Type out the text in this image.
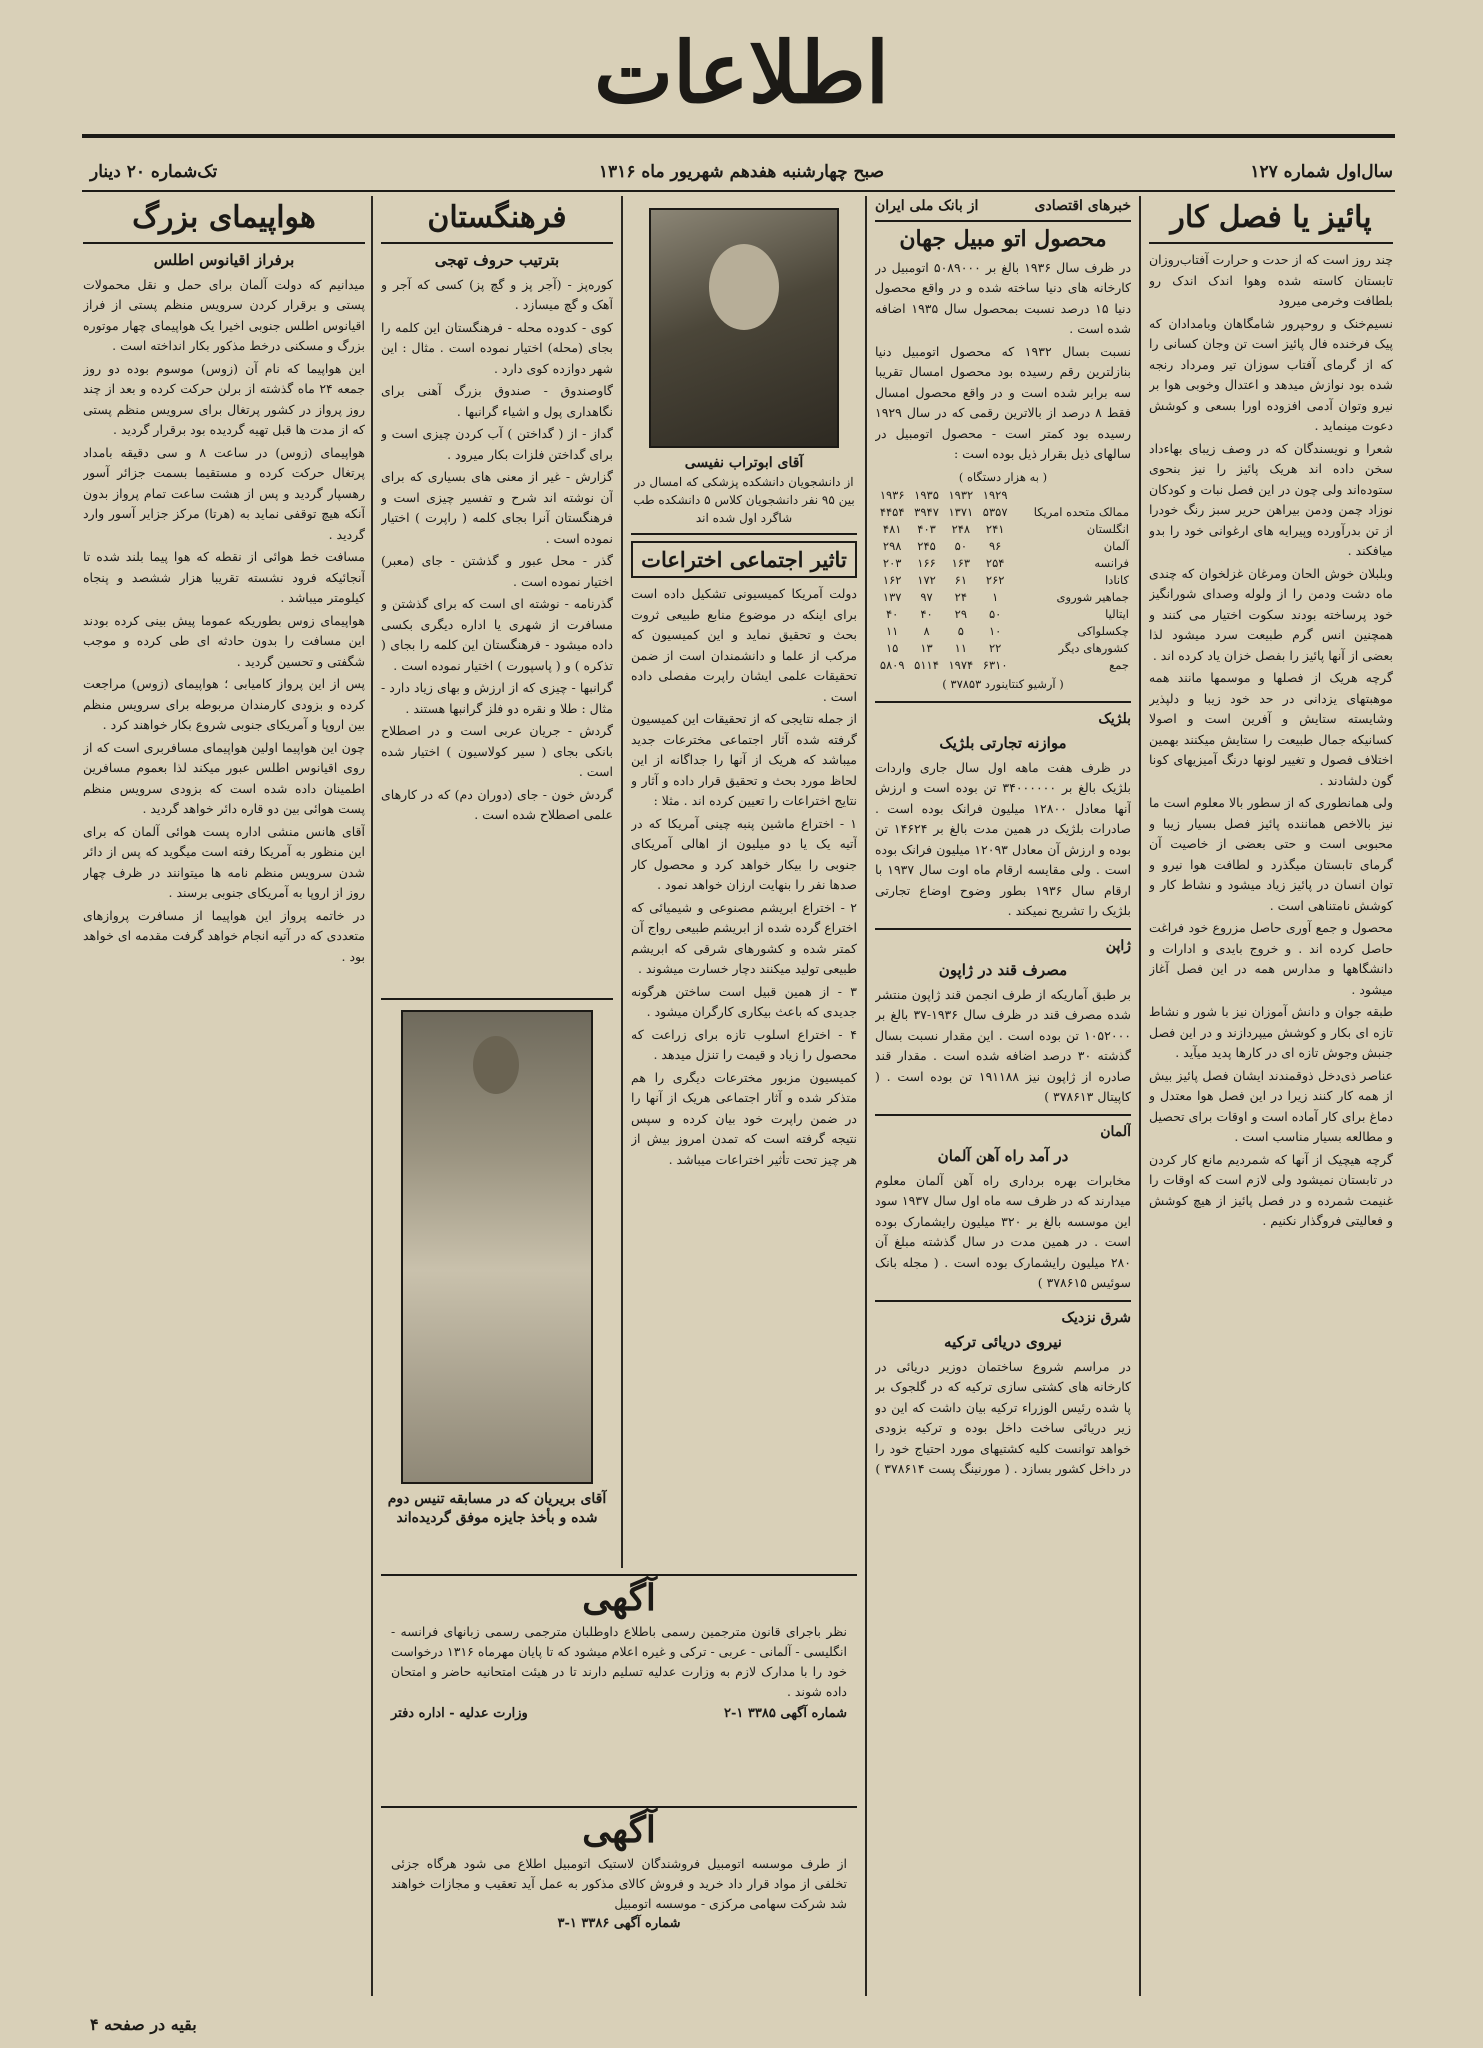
اطلاعات
سال‌اول شماره ۱۲۷
صبح چهارشنبه هفدهم شهریور ماه ۱۳۱۶
تک‌شماره ۲۰ دینار
پائیز یا فصل کار

چند روز است که از حدت و حرارت آفتاب‌روزان تابستان کاسته شده وهوا اندک اندک رو بلطافت وخرمی میرود

نسیم‌خنک و روحپرور شامگاهان وبامدادان که پیک فرخنده فال پائیز است تن وجان کسانی را که از گرمای آفتاب سوزان تیر ومرداد رنجه شده بود نوازش میدهد و اعتدال وخوبی هوا بر نیرو وتوان آدمی افزوده اورا بسعی و کوشش دعوت مینماید .

شعرا و نویسندگان که در وصف زیبای بهاءداد سخن داده اند هریک پائیز را نیز بنحوی ستوده‌اند ولی چون در این فصل نبات و کودکان نوزاد چمن ودمن بیراهن حریر سبز رنگ خودرا از تن بدرآورده وپیرایه های ارغوانی خود را بدو میافکند .

وبلبلان خوش الحان ومرغان غزلخوان که چندی ماه دشت ودمن را از ولوله وصدای شورانگیز خود پرساخته بودند سکوت اختیار می کنند و همچنین انس گرم طبیعت سرد میشود لذا بعضی از آنها پائیز را بفصل خزان یاد کرده اند .

گرچه هریک از فصلها و موسمها مانند همه موهبتهای یزدانی در حد خود زیبا و دلپذیر وشایسته ستایش و آفرین است و اصولا کسانیکه جمال طبیعت را ستایش میکنند بهمین اختلاف فصول و تغییر لونها درنگ آمیزیهای کونا گون دلشادند .

ولی همانطوری که از سطور بالا معلوم است ما نیز بالاخص هماننده پائیز فصل بسیار زیبا و محبوبی است و حتی بعضی از خاصیت آن گرمای تابستان میگذرد و لطافت هوا نیرو و توان انسان در پائیز زیاد میشود و نشاط کار و کوشش نامتناهی است .

محصول و جمع آوری حاصل مزروع خود فراغت حاصل کرده اند . و خروج بایدی و ادارات و دانشگاهها و مدارس همه در این فصل آغاز میشود .

طبقه جوان و دانش آموزان نیز با شور و نشاط تازه ای بکار و کوشش میپردازند و در این فصل جنبش وجوش تازه ای در کارها پدید میآید .

عناصر ذی‌دخل ذوقمندند ایشان فصل پائیز بیش از همه کار کنند زیرا در این فصل هوا معتدل و دماغ برای کار آماده است و اوقات برای تحصیل و مطالعه بسیار مناسب است .

گرچه هیچیک از آنها که شمردیم مانع کار کردن در تابستان نمیشود ولی لازم است که اوقات را غنیمت شمرده و در فصل پائیز از هیچ کوشش و فعالیتی فروگذار نکنیم .

خبرهای اقتصادی
از بانک ملی ایران
محصول اتو مبیل جهان

در ظرف سال ۱۹۳۶ بالغ بر ۵۰۸۹۰۰۰ اتومبیل در کارخانه های دنیا ساخته شده و در واقع محصول دنیا ۱۵ درصد نسبت بمحصول سال ۱۹۳۵ اضافه شده است .

نسبت بسال ۱۹۳۲ که محصول اتومبیل دنیا بنازلترین رقم رسیده بود محصول امسال تقریبا سه برابر شده است و در واقع محصول امسال فقط ۸ درصد از بالاترین رقمی که در سال ۱۹۲۹ رسیده بود کمتر است - محصول اتومبیل در سالهای ذیل بقرار ذیل بوده است :

( به هزار دستگاه )
	۱۹۲۹	۱۹۳۲	۱۹۳۵	۱۹۳۶
ممالک متحده امریکا	۵۳۵۷	۱۳۷۱	۳۹۴۷	۴۴۵۴
انگلستان	۲۴۱	۲۴۸	۴۰۳	۴۸۱
آلمان	۹۶	۵۰	۲۴۵	۲۹۸
فرانسه	۲۵۴	۱۶۳	۱۶۶	۲۰۳
کانادا	۲۶۲	۶۱	۱۷۲	۱۶۲
جماهیر شوروی	۱	۲۴	۹۷	۱۳۷
ایتالیا	۵۰	۲۹	۴۰	۴۰
چکسلواکی	۱۰	۵	۸	۱۱
کشورهای دیگر	۲۲	۱۱	۱۳	۱۵
جمع	۶۳۱۰	۱۹۷۴	۵۱۱۴	۵۸۰۹
( آرشیو کنتاینورد ۳۷۸۵۳ )
بلژیک
موازنه تجارتی بلژیک

در ظرف هفت ماهه اول سال جاری واردات بلژیک بالغ بر ۳۴۰۰۰۰۰۰ تن بوده است و ارزش آنها معادل ۱۲۸۰۰ میلیون فرانک بوده است . صادرات بلژیک در همین مدت بالغ بر ۱۴۶۲۴ تن بوده و ارزش آن معادل ۱۲۰۹۳ میلیون فرانک بوده است . ولی مقایسه ارقام ماه اوت سال ۱۹۳۷ با ارقام سال ۱۹۳۶ بطور وضوح اوضاع تجارتی بلژیک را تشریح نمیکند .

ژاپن
مصرف قند در ژاپون

بر طبق آماریکه از طرف انجمن قند ژاپون منتشر شده مصرف قند در ظرف سال ۱۹۳۶-۳۷ بالغ بر ۱۰۵۲۰۰۰ تن بوده است . این مقدار نسبت بسال گذشته ۳۰ درصد اضافه شده است . مقدار قند صادره از ژاپون نیز ۱۹۱۱۸۸ تن بوده است . ( کاپیتال ۳۷۸۶۱۳ )

آلمان
در آمد راه آهن آلمان

مخابرات بهره برداری راه آهن آلمان معلوم میدارند که در ظرف سه ماه اول سال ۱۹۳۷ سود این موسسه بالغ بر ۳۲۰ میلیون رایشمارک بوده است . در همین مدت در سال گذشته مبلغ آن ۲۸۰ میلیون رایشمارک بوده است . ( مجله بانک سوئیس ۳۷۸۶۱۵ )

شرق نزدیک
نیروی دریائی ترکیه

در مراسم شروع ساختمان دوزیر دریائی در کارخانه های کشتی سازی ترکیه که در گلجوک بر پا شده رئیس الوزراء ترکیه بیان داشت که این دو زیر دریائی ساخت داخل بوده و ترکیه بزودی خواهد توانست کلیه کشتیهای مورد احتیاج خود را در داخل کشور بسازد . ( مورنینگ پست ۳۷۸۶۱۴ )

آقای ابوتراب نفیسی
از دانشجویان دانشکده پزشکی که امسال در بین ۹۵ نفر دانشجویان کلاس ۵ دانشکده طب شاگرد اول شده اند
تاثیر اجتماعی اختراعات

دولت آمریکا کمیسیونی تشکیل داده است برای اینکه در موضوع منابع طبیعی ثروت بحث و تحقیق نماید و این کمیسیون که مرکب از علما و دانشمندان است از ضمن تحقیقات علمی ایشان راپرت مفصلی داده است .

از جمله نتایجی که از تحقیقات این کمیسیون گرفته شده آثار اجتماعی مخترعات جدید میباشد که هریک از آنها را جداگانه از این لحاظ مورد بحث و تحقیق قرار داده و آثار و نتایج اختراعات را تعیین کرده اند . مثلا :

۱ - اختراع ماشین پنبه چینی آمریکا که در آتیه یک یا دو میلیون از اهالی آمریکای جنوبی را بیکار خواهد کرد و محصول کار صدها نفر را بنهایت ارزان خواهد نمود .

۲ - اختراع ابریشم مصنوعی و شیمیائی که اختراع گرده شده از ابریشم طبیعی رواج آن کمتر شده و کشورهای شرقی که ابریشم طبیعی تولید میکنند دچار خسارت میشوند .

۳ - از همین قبیل است ساختن هرگونه جدیدی که باعث بیکاری کارگران میشود .

۴ - اختراع اسلوب تازه برای زراعت که محصول را زیاد و قیمت را تنزل میدهد .

کمیسیون مزبور مخترعات دیگری را هم متذکر شده و آثار اجتماعی هریک از آنها را در ضمن راپرت خود بیان کرده و سپس نتیجه گرفته است که تمدن امروز بیش از هر چیز تحت تأثیر اختراعات میباشد .

فرهنگستان
بترتیب حروف تهجی

کوره‌پز - (آجر پز و گچ پز) کسی که آجر و آهک و گچ میسازد .

کوی - کدوده ‌محله - فرهنگستان این کلمه را بجای (محله) اختیار نموده است . مثال : این شهر دوازده کوی دارد .

گاوصندوق - صندوق بزرگ آهنی برای نگاهداری پول و اشیاء گرانبها .

گداز - از ( گداختن ) آب کردن چیزی است و برای گداختن فلزات بکار میرود .

گزارش - غیر از معنی های بسیاری که برای آن نوشته اند شرح و تفسیر چیزی است و فرهنگستان آنرا بجای کلمه ( راپرت ) اختیار نموده است .

گذر - محل عبور و گذشتن - جای (معبر) اختیار نموده است .

گذرنامه - نوشته ای است که برای گذشتن و مسافرت از شهری یا اداره دیگری بکسی داده میشود - فرهنگستان این کلمه را بجای ( تذکره ) و ( پاسپورت ) اختیار نموده است .

گرانبها - چیزی که از ارزش و بهای زیاد دارد - مثال : طلا و نقره دو فلز گرانبها هستند .

گردش - جریان عربی است و در اصطلاح بانکی بجای ( سیر کولاسیون ) اختیار شده است .

گردش خون - جای (دوران دم) که در کارهای علمی اصطلاح شده است .

آقای بریریان که در مسابقه تنیس دوم شده و بأخذ جایزه موفق گردیده‌اند
هواپیمای بزرگ
برفراز اقیانوس اطلس

میدانیم که دولت آلمان برای حمل و نقل محمولات پستی و برقرار کردن سرویس منظم پستی از فراز اقیانوس اطلس جنوبی اخیرا یک هواپیمای چهار موتوره بزرگ و مسکنی درخط مذکور بکار انداخته است .

این هواپیما که نام آن (زوس) موسوم بوده دو روز جمعه ۲۴ ماه گذشته از برلن حرکت کرده و بعد از چند روز پرواز در کشور پرتغال برای سرویس منظم پستی که از مدت ها قبل تهیه گردیده بود برقرار گردید .

هواپیمای (زوس) در ساعت ۸ و سی دقیقه بامداد پرتغال حرکت کرده و مستقیما بسمت جزائر آسور رهسپار گردید و پس از هشت ساعت تمام پرواز بدون آنکه هیچ توقفی نماید به (هرتا) مرکز جزایر آسور وارد گردید .

مسافت خط هوائی از نقطه که هوا پیما بلند شده تا آنجائیکه فرود نشسته تقریبا هزار ششصد و پنجاه کیلومتر میباشد .

هواپیمای زوس بطوریکه عموما پیش بینی کرده بودند این مسافت را بدون حادثه ای طی کرده و موجب شگفتی و تحسین گردید .

پس از این پرواز کامیابی ؛ هواپیمای (زوس) مراجعت کرده و بزودی کارمندان مربوطه برای سرویس منظم بین اروپا و آمریکای جنوبی شروع بکار خواهند کرد .

چون این هواپیما اولین هواپیمای مسافربری است که از روی اقیانوس اطلس عبور میکند لذا بعموم مسافرین اطمینان داده شده است که بزودی سرویس منظم پست هوائی بین دو قاره دائر خواهد گردید .

آقای هانس منشی اداره پست هوائی آلمان که برای این منظور به آمریکا رفته است میگوید که پس از دائر شدن سرویس منظم نامه ها میتوانند در ظرف چهار روز از اروپا به آمریکای جنوبی برسند .

در خاتمه پرواز این هواپیما از مسافرت پروازهای متعددی که در آتیه انجام خواهد گرفت مقدمه ای خواهد بود .

بقیه در صفحه ۴
آگهی

نظر باجرای قانون مترجمین رسمی باطلاع داوطلبان مترجمی رسمی زبانهای فرانسه - انگلیسی - آلمانی - عربی - ترکی و غیره اعلام میشود که تا پایان مهرماه ۱۳۱۶ درخواست خود را با مدارک لازم به وزارت عدلیه تسلیم دارند تا در هیئت امتحانیه حاضر و امتحان داده شوند .

شماره آگهی ۳۳۸۵ ۱-۲
وزارت عدلیه - اداره دفتر
آگهی

از طرف موسسه اتومبیل فروشندگان لاستیک اتومبیل اطلاع می شود هرگاه جزئی تخلفی از مواد قرار داد خرید و فروش کالای مذکور به عمل آید تعقیب و مجازات خواهند شد شرکت سهامی مرکزی - موسسه اتومبیل

شماره آگهی ۳۳۸۶ ۱-۳
